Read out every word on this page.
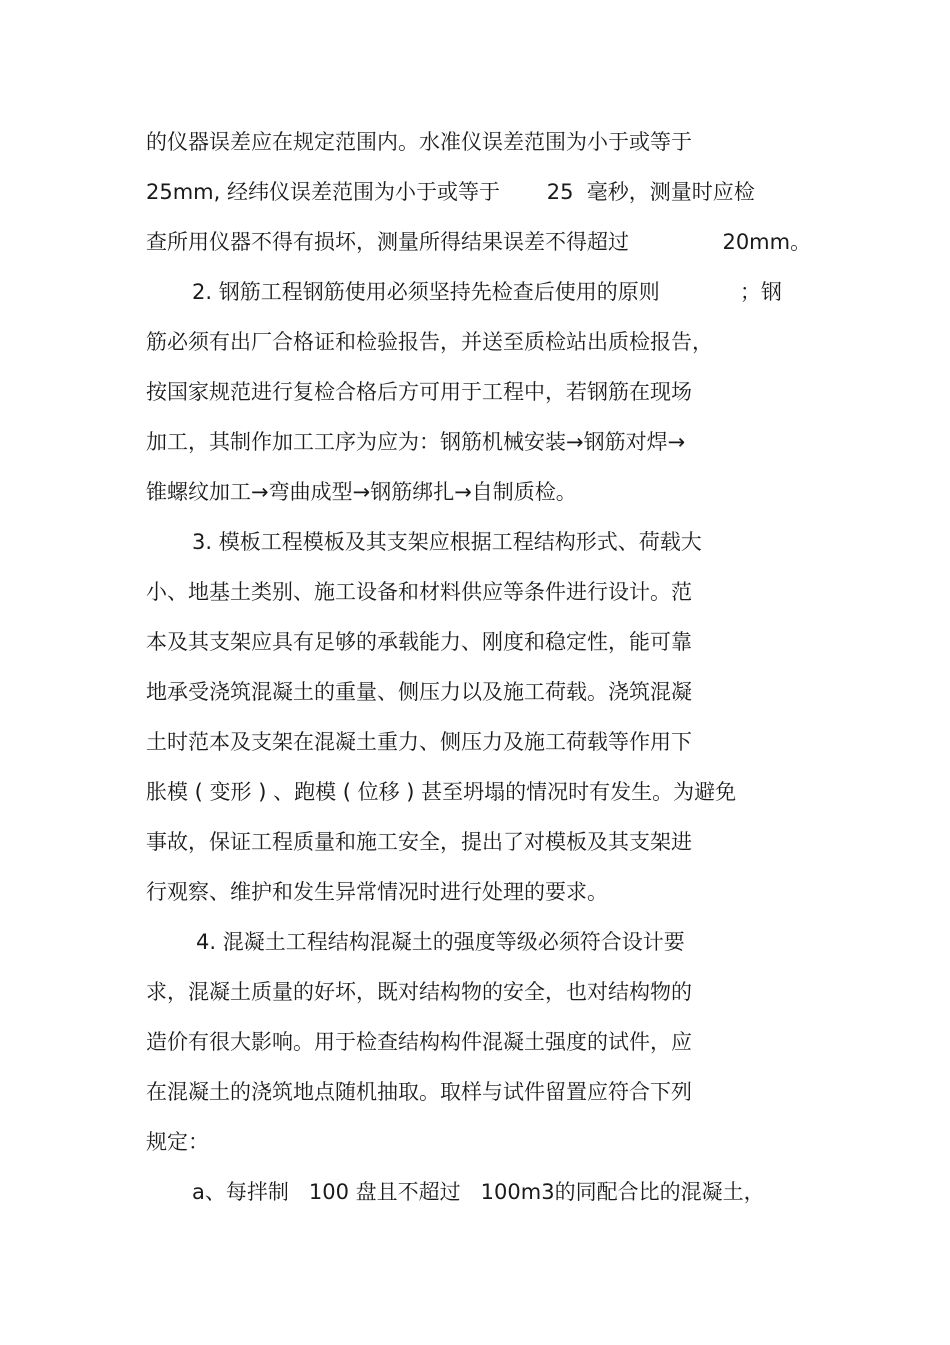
的仪器误差应在规定范围内。水准仪误差范围为小于或等于
25mm, 经纬仪误差范围为小于或等于       25  毫秒，测量时应检
查所用仪器不得有损坏，测量所得结果误差不得超过              20mm。
2. 钢筋工程钢筋使用必须坚持先检查后使用的原则            ；钢
筋必须有出厂合格证和检验报告，并送至质检站出质检报告，
按国家规范进行复检合格后方可用于工程中，若钢筋在现场
加工，其制作加工工序为应为：钢筋机械安装→钢筋对焊→
锥螺纹加工→弯曲成型→钢筋绑扎→自制质检。
3. 模板工程模板及其支架应根据工程结构形式、荷载大
小、地基土类别、施工设备和材料供应等条件进行设计。范
本及其支架应具有足够的承载能力、刚度和稳定性，能可靠
地承受浇筑混凝土的重量、侧压力以及施工荷载。浇筑混凝
土时范本及支架在混凝土重力、侧压力及施工荷载等作用下
胀模 ( 变形 ) 、跑模 ( 位移 ) 甚至坍塌的情况时有发生。为避免
事故，保证工程质量和施工安全，提出了对模板及其支架进
行观察、维护和发生异常情况时进行处理的要求。
4. 混凝土工程结构混凝土的强度等级必须符合设计要
求，混凝土质量的好坏，既对结构物的安全，也对结构物的
造价有很大影响。用于检查结构构件混凝土强度的试件，应
在混凝土的浇筑地点随机抽取。取样与试件留置应符合下列
规定：
a、每拌制   100 盘且不超过   100m3的同配合比的混凝土，
